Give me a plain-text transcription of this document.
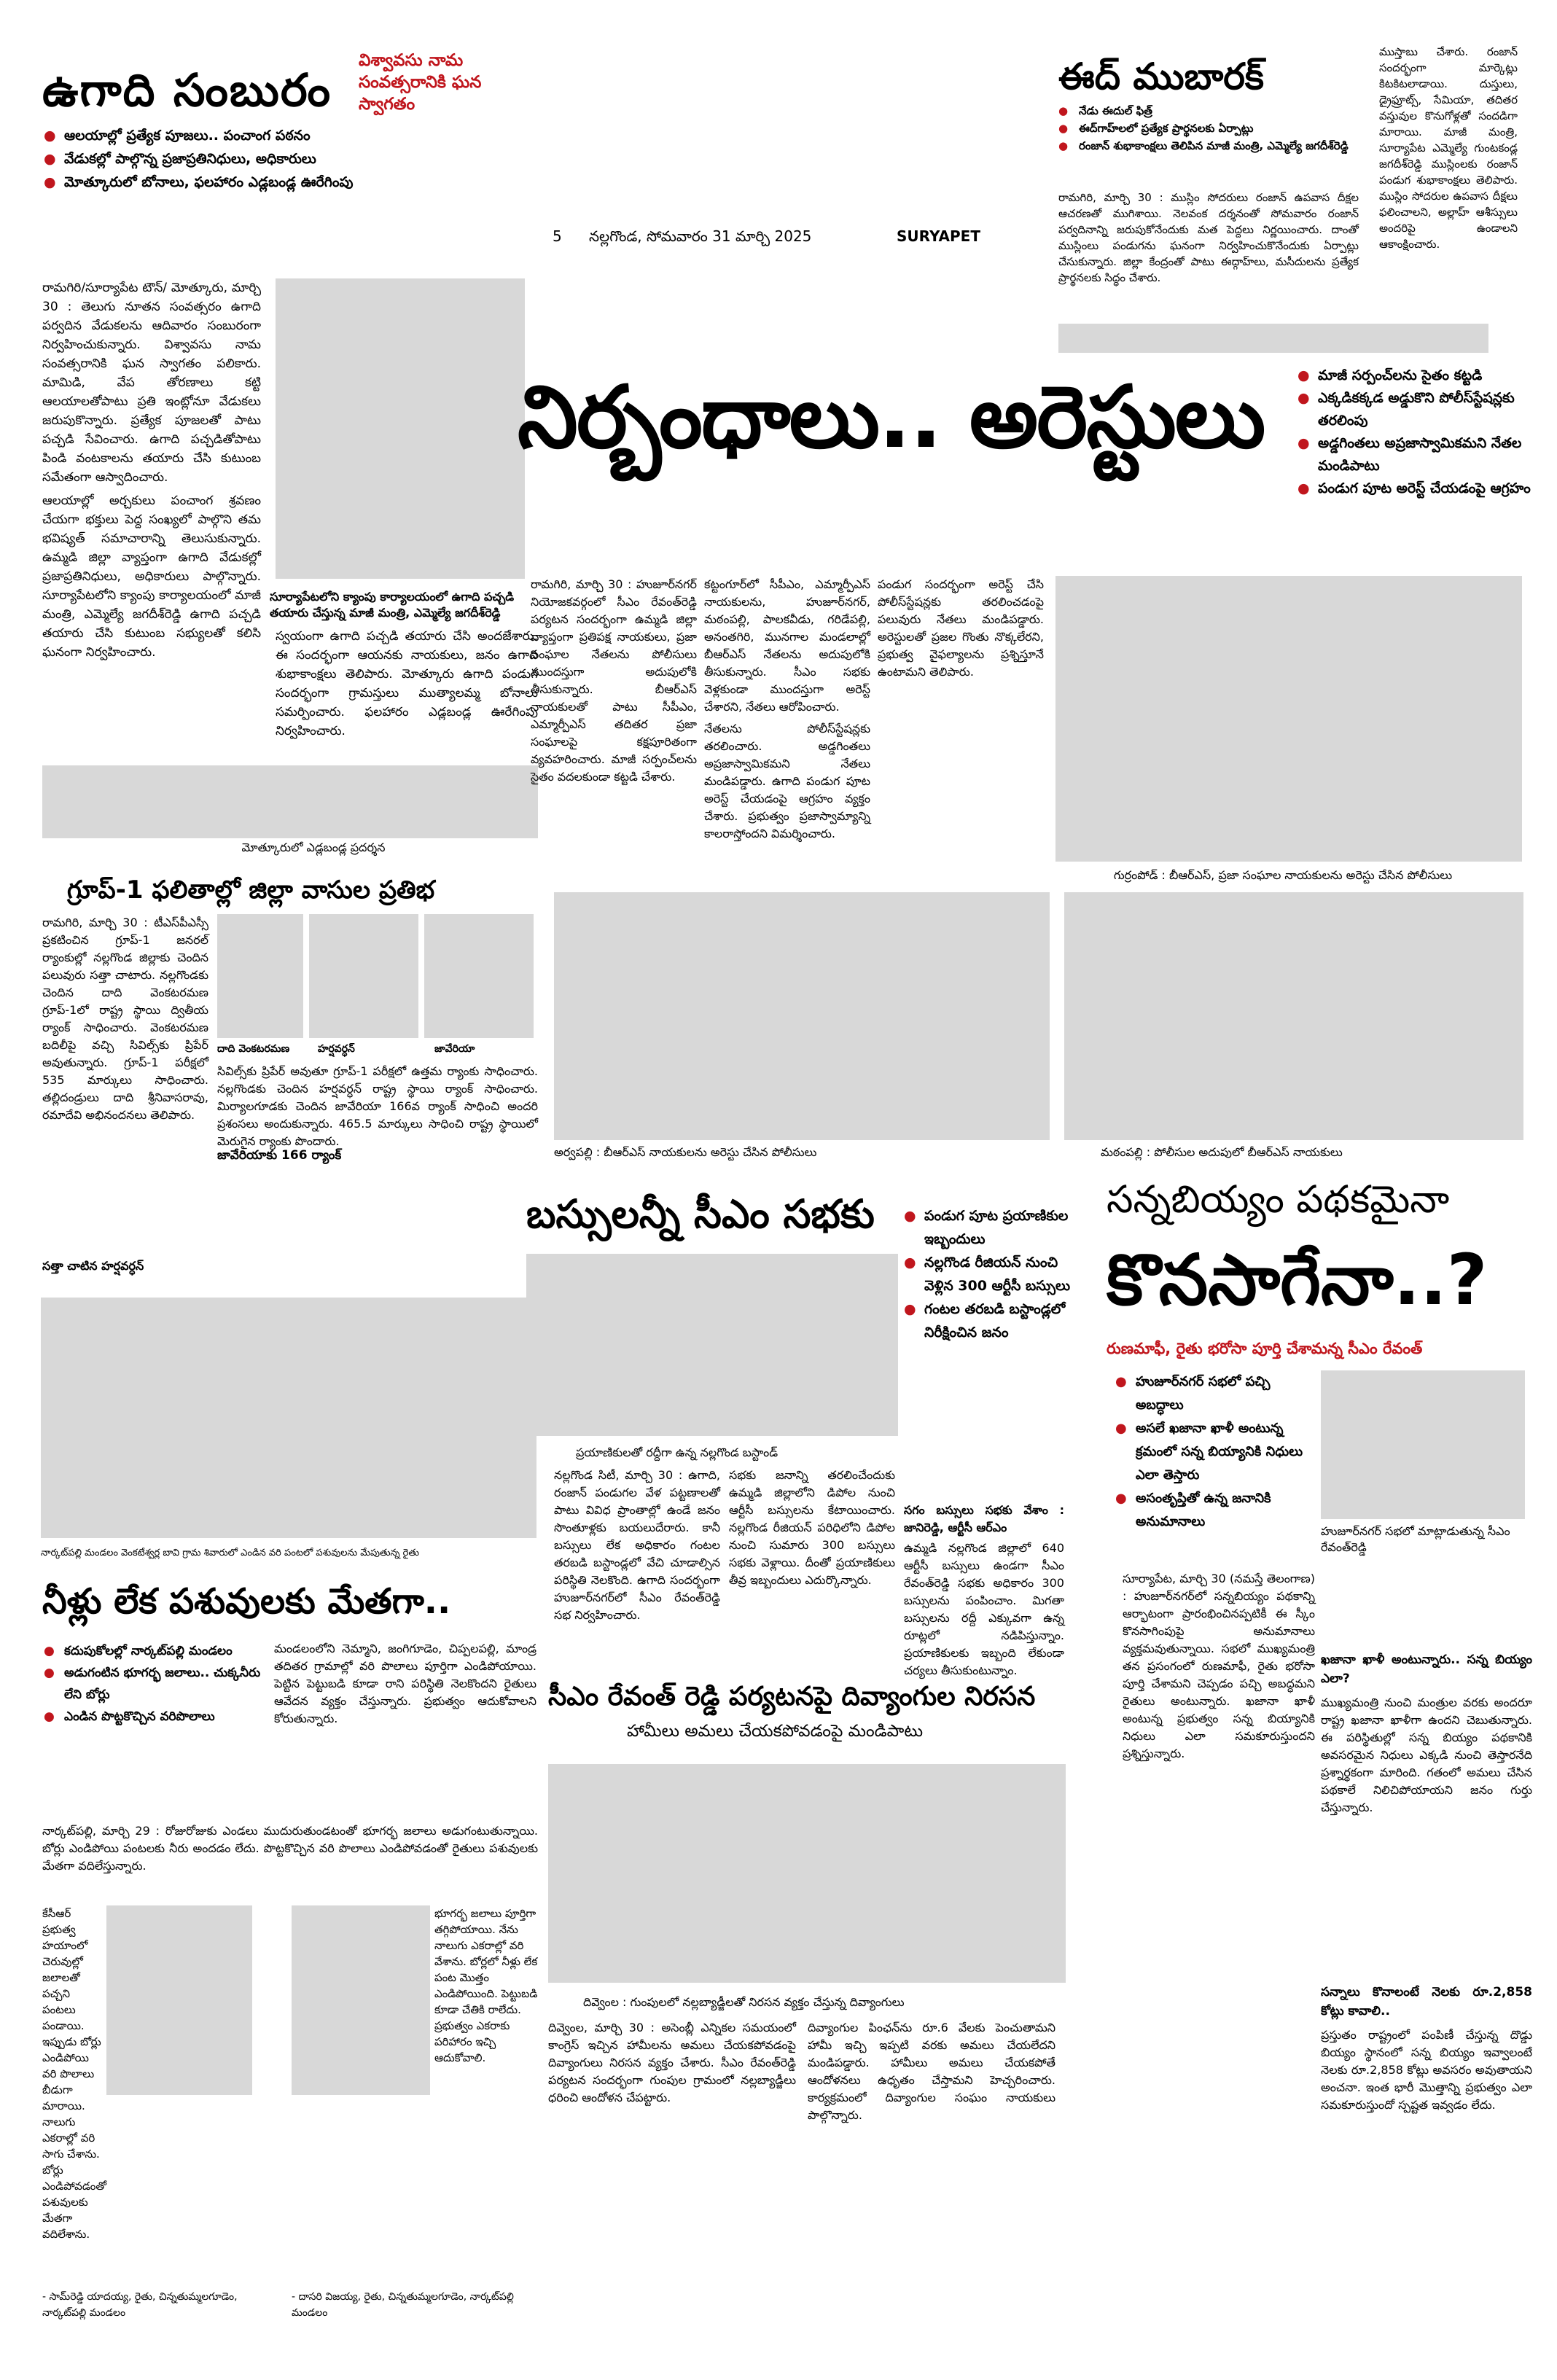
ఉగాది సంబురం
విశ్వావసు నామ సంవత్సరానికి ఘన స్వాగతం
● ఆలయాల్లో ప్రత్యేక పూజలు.. పంచాంగ పఠనం
● వేడుకల్లో పాల్గొన్న ప్రజాప్రతినిధులు, అధికారులు
● మోత్కూరులో బోనాలు, ఫలహారం ఎడ్లబండ్ల ఊరేగింపు

రామగిరి/సూర్యాపేట టౌన్/ మోత్కూరు, మార్చి 30 : తెలుగు నూతన సంవత్సరం ఉగాది పర్వదిన వేడుకలను ఆదివారం సంబురంగా నిర్వహించుకున్నారు. విశ్వావసు నామ సంవత్సరానికి ఘన స్వాగతం పలికారు. మామిడి, వేప తోరణాలు కట్టి ఆలయాలతోపాటు ప్రతి ఇంట్లోనూ వేడుకలు జరుపుకొన్నారు. ప్రత్యేక పూజలతో పాటు పచ్చడి సేవించారు. ఉగాది పచ్చడితోపాటు పిండి వంటకాలను తయారు చేసి కుటుంబ సమేతంగా ఆస్వాదించారు.

ఆలయాల్లో అర్చకులు పంచాంగ శ్రవణం చేయగా భక్తులు పెద్ద సంఖ్యలో పాల్గొని తమ భవిష్యత్ సమాచారాన్ని తెలుసుకున్నారు. ఉమ్మడి జిల్లా వ్యాప్తంగా ఉగాది వేడుకల్లో ప్రజాప్రతినిధులు, అధికారులు పాల్గొన్నారు. సూర్యాపేటలోని క్యాంపు కార్యాలయంలో మాజీ మంత్రి, ఎమ్మెల్యే జగదీశ్‌రెడ్డి ఉగాది పచ్చడి తయారు చేసి కుటుంబ సభ్యులతో కలిసి ఘనంగా నిర్వహించారు.

సూర్యాపేటలోని క్యాంపు కార్యాలయంలో ఉగాది పచ్చడి తయారు చేస్తున్న మాజీ మంత్రి, ఎమ్మెల్యే జగదీశ్‌రెడ్డి
స్వయంగా ఉగాది పచ్చడి తయారు చేసి అందజేశారు. ఈ సందర్భంగా ఆయనకు నాయకులు, జనం ఉగాది శుభాకాంక్షలు తెలిపారు. మోత్కూరు ఉగాది పండుగ సందర్భంగా గ్రామస్తులు ముత్యాలమ్మ బోనాలు సమర్పించారు. ఫలహారం ఎడ్లబండ్ల ఊరేగింపు నిర్వహించారు.
మోత్కూరులో ఎడ్లబండ్ల ప్రదర్శన
ఈద్ ముబారక్
● నేడు ఈదుల్ ఫిత్ర్
● ఈద్‌గాహ్‌లలో ప్రత్యేక ప్రార్థనలకు ఏర్పాట్లు
● రంజాన్ శుభాకాంక్షలు తెలిపిన మాజీ మంత్రి, ఎమ్మెల్యే జగదీశ్‌రెడ్డి
రామగిరి, మార్చి 30 : ముస్లిం సోదరులు రంజాన్ ఉపవాస దీక్షల ఆచరణతో ముగిశాయి. నెలవంక దర్శనంతో సోమవారం రంజాన్ పర్వదినాన్ని జరుపుకోనేందుకు మత పెద్దలు నిర్ణయించారు. దాంతో ముస్లింలు పండుగను ఘనంగా నిర్వహించుకొనేందుకు ఏర్పాట్లు చేసుకున్నారు. జిల్లా కేంద్రంతో పాటు ఈద్గాహ్‌లు, మసీదులను ప్రత్యేక ప్రార్థనలకు సిద్ధం చేశారు.
ముస్తాబు చేశారు. రంజాన్ సందర్భంగా మార్కెట్లు కిటకిటలాడాయి. దుస్తులు, డ్రైఫ్రూట్స్, సేమియా, తదితర వస్తువుల కొనుగోళ్లతో సందడిగా మారాయి. మాజీ మంత్రి, సూర్యాపేట ఎమ్మెల్యే గుంటకండ్ల జగదీశ్‌రెడ్డి ముస్లింలకు రంజాన్ పండుగ శుభాకాంక్షలు తెలిపారు. ముస్లిం సోదరుల ఉపవాస దీక్షలు ఫలించాలని, అల్లాహ్ ఆశీస్సులు అందరిపై ఉండాలని ఆకాంక్షించారు.
5	నల్లగొండ, సోమవారం 31 మార్చి 2025	SURYAPET
నిర్బంధాలు.. అరెస్టులు	● మాజీ సర్పంచ్‌లను సైతం కట్టడి
● ఎక్కడికక్కడ అడ్డుకొని పోలీస్‌స్టేషన్లకు తరలింపు
● అడ్డగింతలు అప్రజాస్వామికమని నేతల మండిపాటు
● పండుగ పూట అరెస్ట్ చేయడంపై ఆగ్రహం

రామగిరి, మార్చి 30 : హుజూర్‌నగర్ నియోజకవర్గంలో సీఎం రేవంత్‌రెడ్డి పర్యటన సందర్భంగా ఉమ్మడి జిల్లా వ్యాప్తంగా ప్రతిపక్ష నాయకులు, ప్రజా సంఘాల నేతలను పోలీసులు ముందస్తుగా అదుపులోకి తీసుకున్నారు. బీఆర్‌ఎస్ నాయకులతో పాటు సీపీఎం, ఎమ్మార్పీఎస్ తదితర ప్రజా సంఘాలపై కక్షపూరితంగా వ్యవహరించారు. మాజీ సర్పంచ్‌లను సైతం వదలకుండా కట్టడి చేశారు.

కట్టంగూర్‌లో సీపీఎం, ఎమ్మార్పీఎస్ నాయకులను, హుజూర్‌నగర్, మఠంపల్లి, పాలకవీడు, గరిడేపల్లి, అనంతగిరి, మునగాల మండలాల్లో బీఆర్‌ఎస్ నేతలను అదుపులోకి తీసుకున్నారు. సీఎం సభకు వెళ్లకుండా ముందస్తుగా అరెస్ట్ చేశారని, నేతలు ఆరోపించారు.

నేతలను పోలీస్‌స్టేషన్లకు తరలించారు. అడ్డగింతలు అప్రజాస్వామికమని నేతలు మండిపడ్డారు. ఉగాది పండుగ పూట అరెస్ట్ చేయడంపై ఆగ్రహం వ్యక్తం చేశారు. ప్రభుత్వం ప్రజాస్వామ్యాన్ని కాలరాస్తోందని విమర్శించారు.

పండుగ సందర్భంగా అరెస్ట్ చేసి పోలీస్‌స్టేషన్లకు తరలించడంపై పలువురు నేతలు మండిపడ్డారు. అరెస్టులతో ప్రజల గొంతు నొక్కలేరని, ప్రభుత్వ వైఫల్యాలను ప్రశ్నిస్తూనే ఉంటామని తెలిపారు.

గుర్రంపోడ్ : బీఆర్‌ఎస్, ప్రజా సంఘాల నాయకులను అరెస్టు చేసిన పోలీసులు
గ్రూప్‌-1 ఫలితాల్లో జిల్లా వాసుల ప్రతిభ
రామగిరి, మార్చి 30 : టీఎస్‌పీఎస్సీ ప్రకటించిన గ్రూప్‌-1 జనరల్ ర్యాంకుల్లో నల్లగొండ జిల్లాకు చెందిన పలువురు సత్తా చాటారు. నల్లగొండకు చెందిన దాది వెంకటరమణ గ్రూప్‌-1లో రాష్ట్ర స్థాయి ద్వితీయ ర్యాంక్ సాధించారు. వెంకటరమణ బదిలీపై వచ్చి సివిల్స్‌కు ప్రిపేర్ అవుతున్నారు. గ్రూప్‌-1 పరీక్షలో 535 మార్కులు సాధించారు. తల్లిదండ్రులు దాది శ్రీనివాసరావు, రమాదేవి అభినందనలు తెలిపారు.
దాది వెంకటరమణ	హర్షవర్ధన్	జావేరియా
జావేరియాకు 166 ర్యాంక్
సివిల్స్‌కు ప్రిపేర్ అవుతూ గ్రూప్‌-1 పరీక్షలో ఉత్తమ ర్యాంకు సాధించారు. నల్లగొండకు చెందిన హర్షవర్ధన్ రాష్ట్ర స్థాయి ర్యాంక్ సాధించారు. మిర్యాలగూడకు చెందిన జావేరియా 166వ ర్యాంక్ సాధించి అందరి ప్రశంసలు అందుకున్నారు. 465.5 మార్కులు సాధించి రాష్ట్ర స్థాయిలో మెరుగైన ర్యాంకు పొందారు.
సత్తా చాటిన హర్షవర్ధన్
అర్వపల్లి : బీఆర్‌ఎస్ నాయకులను అరెస్టు చేసిన పోలీసులు
బస్సులన్నీ సీఎం సభకు	● పండుగ పూట ప్రయాణికుల ఇబ్బందులు
● నల్లగొండ రీజియన్ నుంచి వెళ్లిన 300 ఆర్టీసీ బస్సులు
● గంటల తరబడి బస్టాండ్లలో నిరీక్షించిన జనం
ప్రయాణికులతో రద్దీగా ఉన్న నల్లగొండ బస్టాండ్
నల్లగొండ సిటీ, మార్చి 30 : ఉగాది, రంజాన్ పండుగల వేళ పట్టణాలతో పాటు వివిధ ప్రాంతాల్లో ఉండే జనం సొంతూళ్లకు బయలుదేరారు. కానీ బస్సులు లేక అధికారం గంటల తరబడి బస్టాండ్లలో వేచి చూడాల్సిన పరిస్థితి నెలకొంది. ఉగాది సందర్భంగా హుజూర్‌నగర్‌లో సీఎం రేవంత్‌రెడ్డి సభ నిర్వహించారు.
సభకు జనాన్ని తరలించేందుకు ఉమ్మడి జిల్లాలోని డిపోల నుంచి ఆర్టీసీ బస్సులను కేటాయించారు. నల్లగొండ రీజియన్ పరిధిలోని డిపోల నుంచి సుమారు 300 బస్సులు సభకు వెళ్లాయి. దీంతో ప్రయాణికులు తీవ్ర ఇబ్బందులు ఎదుర్కొన్నారు.
సగం బస్సులు సభకు వేశాం : జానిరెడ్డి, ఆర్టీసీ ఆర్ఎం
ఉమ్మడి నల్లగొండ జిల్లాలో 640 ఆర్టీసీ బస్సులు ఉండగా సీఎం రేవంత్‌రెడ్డి సభకు అధికారం 300 బస్సులను పంపించాం. మిగతా బస్సులను రద్దీ ఎక్కువగా ఉన్న రూట్లలో నడిపిస్తున్నాం. ప్రయాణికులకు ఇబ్బంది లేకుండా చర్యలు తీసుకుంటున్నాం.
సీఎం రేవంత్ రెడ్డి పర్యటనపై దివ్యాంగుల నిరసన
హామీలు అమలు చేయకపోవడంపై మండిపాటు
దివ్వెంల : గుంపులలో నల్లబ్యాడ్జీలతో నిరసన వ్యక్తం చేస్తున్న దివ్యాంగులు
దివ్వెంల, మార్చి 30 : అసెంబ్లీ ఎన్నికల సమయంలో కాంగ్రెస్ ఇచ్చిన హామీలను అమలు చేయకపోవడంపై దివ్యాంగులు నిరసన వ్యక్తం చేశారు. సీఎం రేవంత్‌రెడ్డి పర్యటన సందర్భంగా గుంపుల గ్రామంలో నల్లబ్యాడ్జీలు ధరించి ఆందోళన చేపట్టారు.
దివ్యాంగుల పింఛన్‌ను రూ.6 వేలకు పెంచుతామని హామీ ఇచ్చి ఇప్పటి వరకు అమలు చేయలేదని మండిపడ్డారు. హామీలు అమలు చేయకపోతే ఆందోళనలు ఉధృతం చేస్తామని హెచ్చరించారు. కార్యక్రమంలో దివ్యాంగుల సంఘం నాయకులు పాల్గొన్నారు.
మఠంపల్లి : పోలీసుల అదుపులో బీఆర్‌ఎస్ నాయకులు
సన్నబియ్యం పథకమైనా
కొనసాగేనా..?
రుణమాఫీ, రైతు భరోసా పూర్తి చేశామన్న సీఎం రేవంత్
● హుజూర్‌నగర్ సభలో పచ్చి అబద్ధాలు
● అసలే ఖజానా ఖాళీ అంటున్న క్రమంలో సన్న బియ్యానికి నిధులు ఎలా తెస్తారు
● అసంతృప్తితో ఉన్న జనానికి అనుమానాలు
హుజూర్‌నగర్ సభలో మాట్లాడుతున్న సీఎం రేవంత్‌రెడ్డి
సూర్యాపేట, మార్చి 30 (నమస్తే తెలంగాణ) : హుజూర్‌నగర్‌లో సన్నబియ్యం పథకాన్ని ఆర్భాటంగా ప్రారంభించినప్పటికీ ఈ స్కీం కొనసాగింపుపై అనుమానాలు వ్యక్తమవుతున్నాయి. సభలో ముఖ్యమంత్రి తన ప్రసంగంలో రుణమాఫీ, రైతు భరోసా పూర్తి చేశామని చెప్పడం పచ్చి అబద్ధమని రైతులు అంటున్నారు. ఖజానా ఖాళీ అంటున్న ప్రభుత్వం సన్న బియ్యానికి నిధులు ఎలా సమకూరుస్తుందని ప్రశ్నిస్తున్నారు.
ఖజానా ఖాళీ అంటున్నారు.. సన్న బియ్యం ఎలా?
ముఖ్యమంత్రి నుంచి మంత్రుల వరకు అందరూ రాష్ట్ర ఖజానా ఖాళీగా ఉందని చెబుతున్నారు. ఈ పరిస్థితుల్లో సన్న బియ్యం పథకానికి అవసరమైన నిధులు ఎక్కడి నుంచి తెస్తారనేది ప్రశ్నార్థకంగా మారింది. గతంలో అమలు చేసిన పథకాలే నిలిచిపోయాయని జనం గుర్తు చేస్తున్నారు.
సన్నాలు కొనాలంటే నెలకు రూ.2,858 కోట్లు కావాలి..
ప్రస్తుతం రాష్ట్రంలో పంపిణీ చేస్తున్న దొడ్డు బియ్యం స్థానంలో సన్న బియ్యం ఇవ్వాలంటే నెలకు రూ.2,858 కోట్లు అవసరం అవుతాయని అంచనా. ఇంత భారీ మొత్తాన్ని ప్రభుత్వం ఎలా సమకూరుస్తుందో స్పష్టత ఇవ్వడం లేదు.
నార్కట్‌పల్లి మండలం వెంకటేశ్వర్ల బావి గ్రామ శివారులో ఎండిన వరి పంటలో పశువులను మేపుతున్న రైతు
నీళ్లు లేక పశువులకు మేతగా..
● కదుపుకోలల్లో నార్కట్‌పల్లి మండలం
● అడుగంటిన భూగర్భ జలాలు.. చుక్కనీరు లేని బోర్లు
● ఎండిన పొట్టకొచ్చిన వరిపొలాలు
మండలంలోని నెమ్మాని, జంగిగూడెం, చిప్పలపల్లి, మాండ్ర తదితర గ్రామాల్లో వరి పొలాలు పూర్తిగా ఎండిపోయాయి. పెట్టిన పెట్టుబడి కూడా రాని పరిస్థితి నెలకొందని రైతులు ఆవేదన వ్యక్తం చేస్తున్నారు. ప్రభుత్వం ఆదుకోవాలని కోరుతున్నారు.
నార్కట్‌పల్లి, మార్చి 29 : రోజురోజుకు ఎండలు ముదురుతుండటంతో భూగర్భ జలాలు అడుగంటుతున్నాయి. బోర్లు ఎండిపోయి పంటలకు నీరు అందడం లేదు. పొట్టకొచ్చిన వరి పొలాలు ఎండిపోవడంతో రైతులు పశువులకు మేతగా వదిలేస్తున్నారు.
కేసీఆర్ ప్రభుత్వ హయాంలో చెరువుల్లో జలాలతో పచ్చని పంటలు పండాయి. ఇప్పుడు బోర్లు ఎండిపోయి వరి పొలాలు బీడుగా మారాయి. నాలుగు ఎకరాల్లో వరి సాగు చేశాను. బోర్లు ఎండిపోవడంతో పశువులకు మేతగా వదిలేశాను.
- సామ్‌రెడ్డి యాదయ్య, రైతు, చిన్నతుమ్మలగూడెం, నార్కట్‌పల్లి మండలం
భూగర్భ జలాలు పూర్తిగా తగ్గిపోయాయి. నేను నాలుగు ఎకరాల్లో వరి వేశాను. బోర్లలో నీళ్లు లేక పంట మొత్తం ఎండిపోయింది. పెట్టుబడి కూడా చేతికి రాలేదు. ప్రభుత్వం ఎకరాకు పరిహారం ఇచ్చి ఆదుకోవాలి.
- దాసరి విజయ్య, రైతు, చిన్నతుమ్మలగూడెం, నార్కట్‌పల్లి మండలం
